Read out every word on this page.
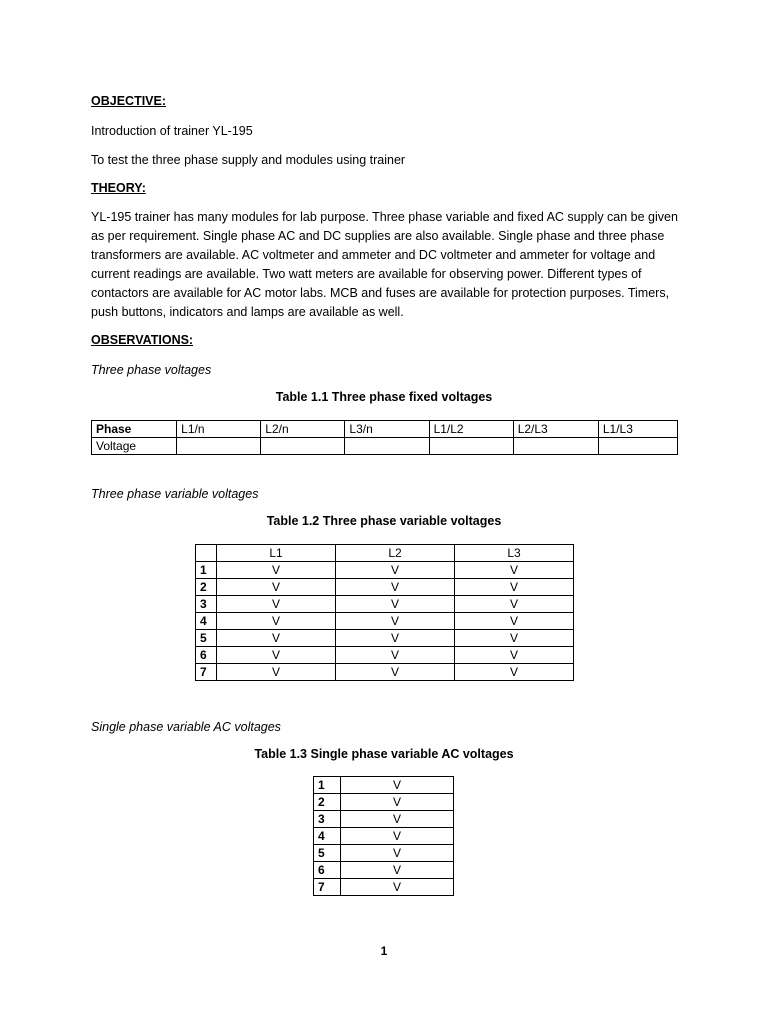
OBJECTIVE:

Introduction of trainer YL-195

To test the three phase supply and modules using trainer

THEORY:

YL-195 trainer has many modules for lab purpose. Three phase variable and fixed AC supply can be given as per requirement. Single phase AC and DC supplies are also available. Single phase and three phase transformers are available. AC voltmeter and ammeter and DC voltmeter and ammeter for voltage and current readings are available. Two watt meters are available for observing power. Different types of contactors are available for AC motor labs. MCB and fuses are available for protection purposes. Timers, push buttons, indicators and lamps are available as well.

OBSERVATIONS:

Three phase voltages

Table 1.1 Three phase fixed voltages

Phase	L1/n	L2/n	L3/n	L1/L2	L2/L3	L1/L3
Voltage						

Three phase variable voltages

Table 1.2 Three phase variable voltages

	L1	L2	L3
1	V	V	V
2	V	V	V
3	V	V	V
4	V	V	V
5	V	V	V
6	V	V	V
7	V	V	V

Single phase variable AC voltages

Table 1.3 Single phase variable AC voltages

1	V
2	V
3	V
4	V
5	V
6	V
7	V

1
